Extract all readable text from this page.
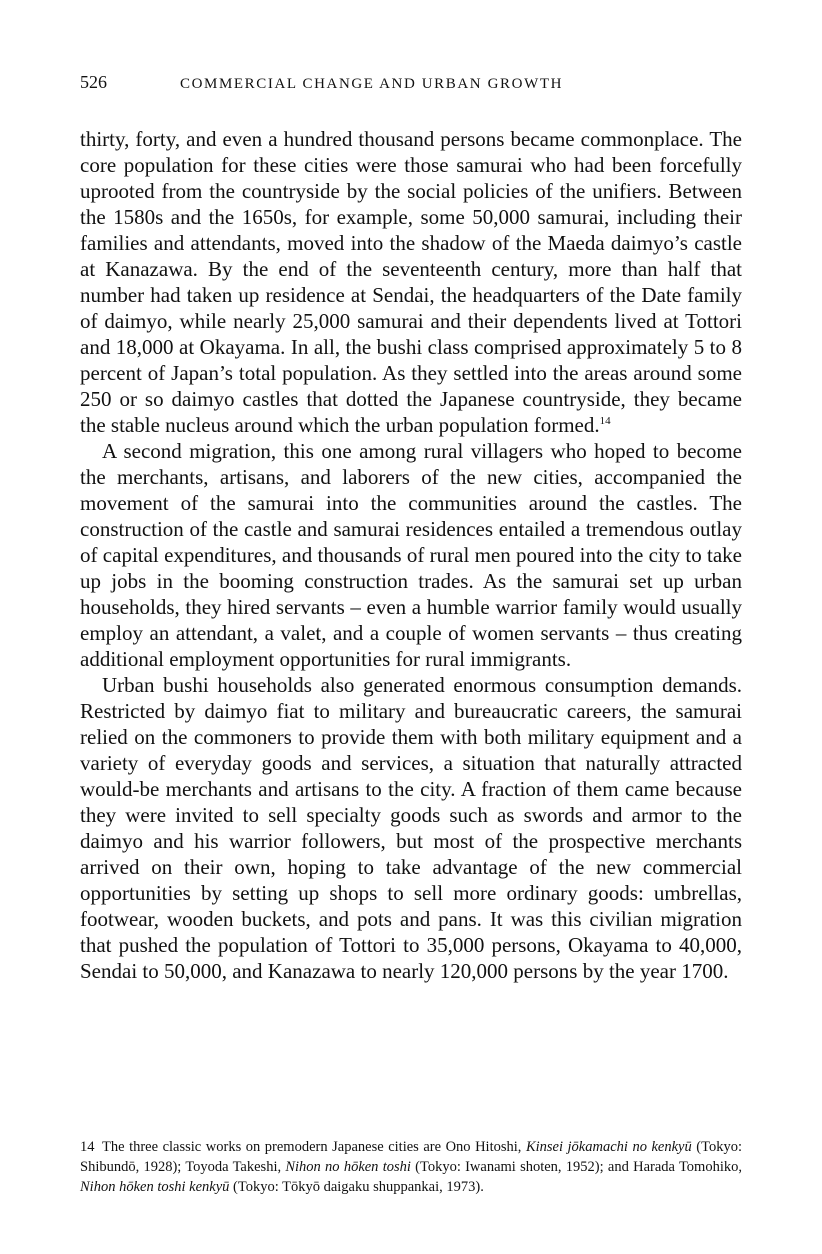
526	COMMERCIAL CHANGE AND URBAN GROWTH

thirty, forty, and even a hundred thousand persons became commonplace. The core population for these cities were those samurai who had been forcefully uprooted from the countryside by the social policies of the unifiers. Between the 1580s and the 1650s, for example, some 50,000 samurai, including their families and attendants, moved into the shadow of the Maeda daimyo’s castle at Kanazawa. By the end of the seventeenth century, more than half that number had taken up residence at Sendai, the headquarters of the Date family of daimyo, while nearly 25,000 samurai and their dependents lived at Tottori and 18,000 at Okayama. In all, the bushi class comprised approximately 5 to 8 percent of Japan’s total population. As they settled into the areas around some 250 or so daimyo castles that dotted the Japanese countryside, they became the stable nucleus around which the urban population formed.$^{14}$

A second migration, this one among rural villagers who hoped to become the merchants, artisans, and laborers of the new cities, accompanied the movement of the samurai into the communities around the castles. The construction of the castle and samurai residences entailed a tremendous outlay of capital expenditures, and thousands of rural men poured into the city to take up jobs in the booming construction trades. As the samurai set up urban households, they hired servants – even a humble warrior family would usually employ an attendant, a valet, and a couple of women servants – thus creating additional employment opportunities for rural immigrants.

Urban bushi households also generated enormous consumption demands. Restricted by daimyo fiat to military and bureaucratic careers, the samurai relied on the commoners to provide them with both military equipment and a variety of everyday goods and services, a situation that naturally attracted would-be merchants and artisans to the city. A fraction of them came because they were invited to sell specialty goods such as swords and armor to the daimyo and his warrior followers, but most of the prospective merchants arrived on their own, hoping to take advantage of the new commercial opportunities by setting up shops to sell more ordinary goods: umbrellas, footwear, wooden buckets, and pots and pans. It was this civilian migration that pushed the population of Tottori to 35,000 persons, Okayama to 40,000, Sendai to 50,000, and Kanazawa to nearly 120,000 persons by the year 1700.

14 The three classic works on premodern Japanese cities are Ono Hitoshi, Kinsei jōkamachi no kenkyū (Tokyo: Shibundō, 1928); Toyoda Takeshi, Nihon no hōken toshi (Tokyo: Iwanami shoten, 1952); and Harada Tomohiko, Nihon hōken toshi kenkyū (Tokyo: Tōkyō daigaku shuppankai, 1973).
